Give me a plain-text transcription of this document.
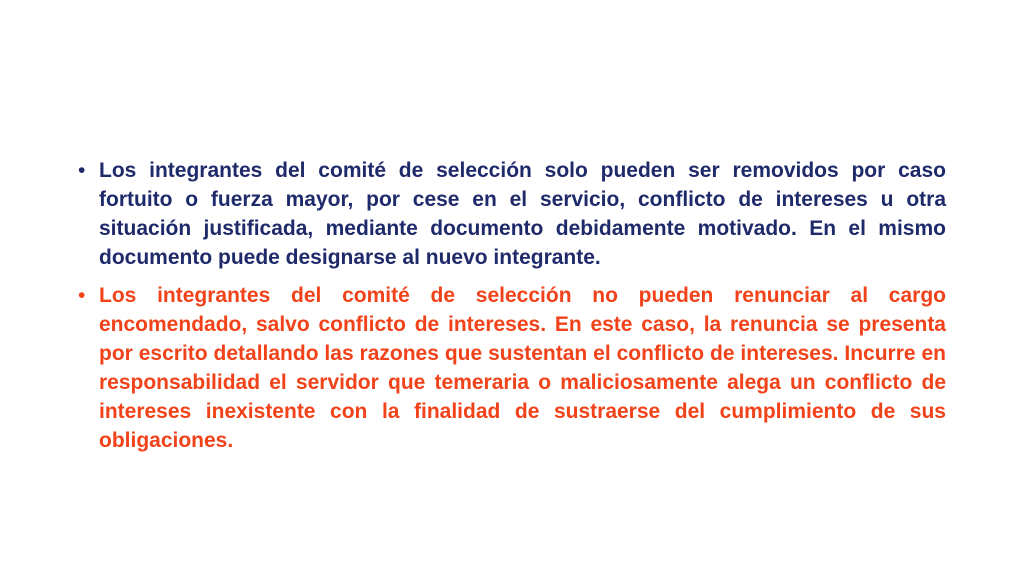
• Los integrantes del comité de selección solo pueden ser removidos por caso fortuito o fuerza mayor, por cese en el servicio, conflicto de intereses u otra situación justificada, mediante documento debidamente motivado. En el mismo documento puede designarse al nuevo integrante.
• Los integrantes del comité de selección no pueden renunciar al cargo encomendado, salvo conflicto de intereses. En este caso, la renuncia se presenta por escrito detallando las razones que sustentan el conflicto de intereses. Incurre en responsabilidad el servidor que temeraria o maliciosamente alega un conflicto de intereses inexistente con la finalidad de sustraerse del cumplimiento de sus obligaciones.
